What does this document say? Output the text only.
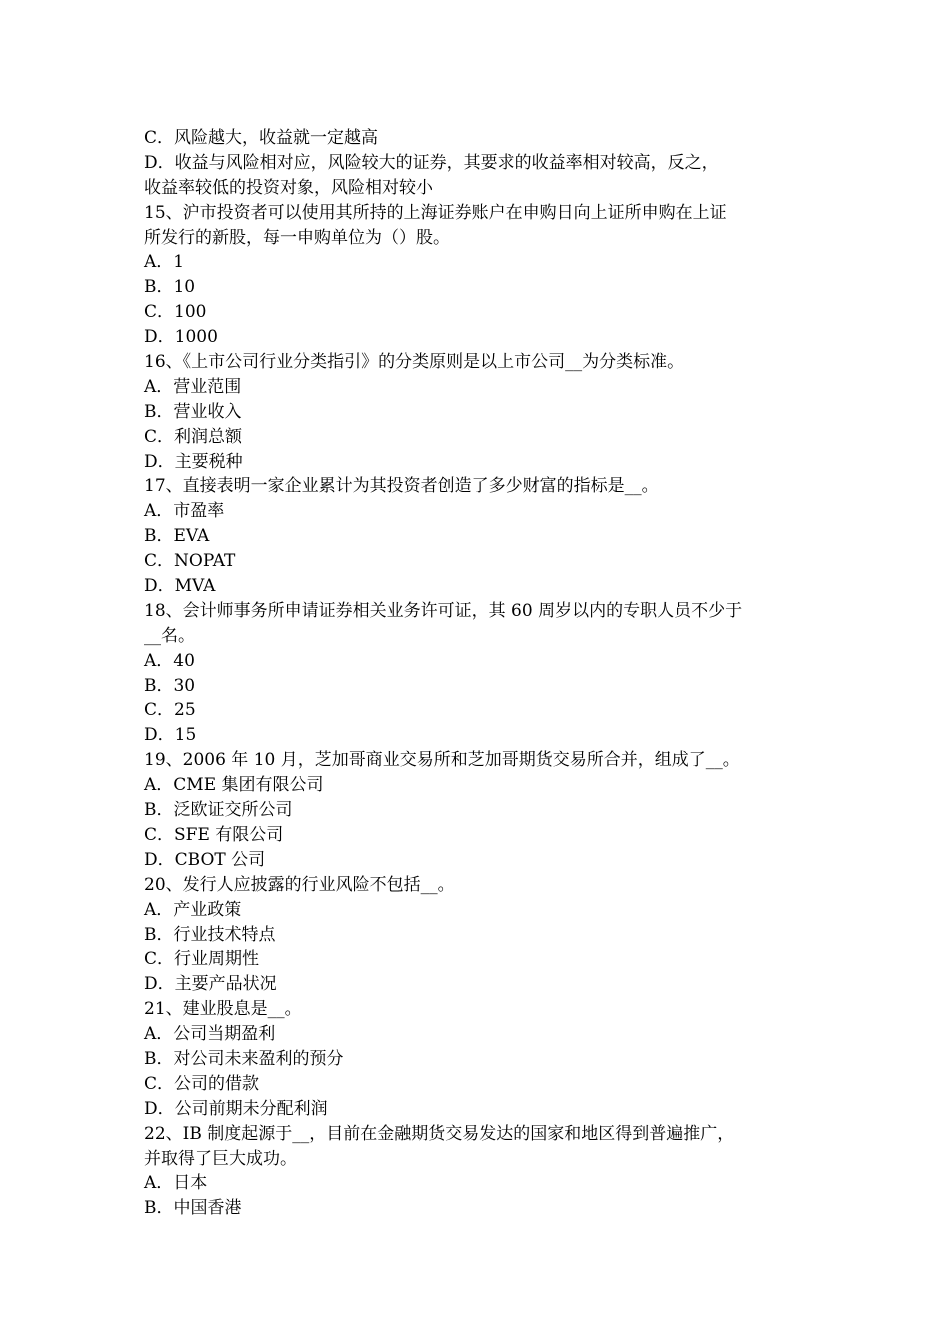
C．风险越大，收益就一定越高
D．收益与风险相对应，风险较大的证券，其要求的收益率相对较高，反之，
收益率较低的投资对象，风险相对较小
15、沪市投资者可以使用其所持的上海证券账户在申购日向上证所申购在上证
所发行的新股，每一申购单位为（）股。
A．1
B．10
C．100
D．1000
16、《上市公司行业分类指引》的分类原则是以上市公司__为分类标准。
A．营业范围
B．营业收入
C．利润总额
D．主要税种
17、直接表明一家企业累计为其投资者创造了多少财富的指标是__。
A．市盈率
B．EVA
C．NOPAT
D．MVA
18、会计师事务所申请证券相关业务许可证，其 60 周岁以内的专职人员不少于
__名。
A．40
B．30
C．25
D．15
19、2006 年 10 月，芝加哥商业交易所和芝加哥期货交易所合并，组成了__。
A．CME 集团有限公司
B．泛欧证交所公司
C．SFE 有限公司
D．CBOT 公司
20、发行人应披露的行业风险不包括__。
A．产业政策
B．行业技术特点
C．行业周期性
D．主要产品状况
21、建业股息是__。
A．公司当期盈利
B．对公司未来盈利的预分
C．公司的借款
D．公司前期未分配利润
22、IB 制度起源于__，目前在金融期货交易发达的国家和地区得到普遍推广，
并取得了巨大成功。
A．日本
B．中国香港
